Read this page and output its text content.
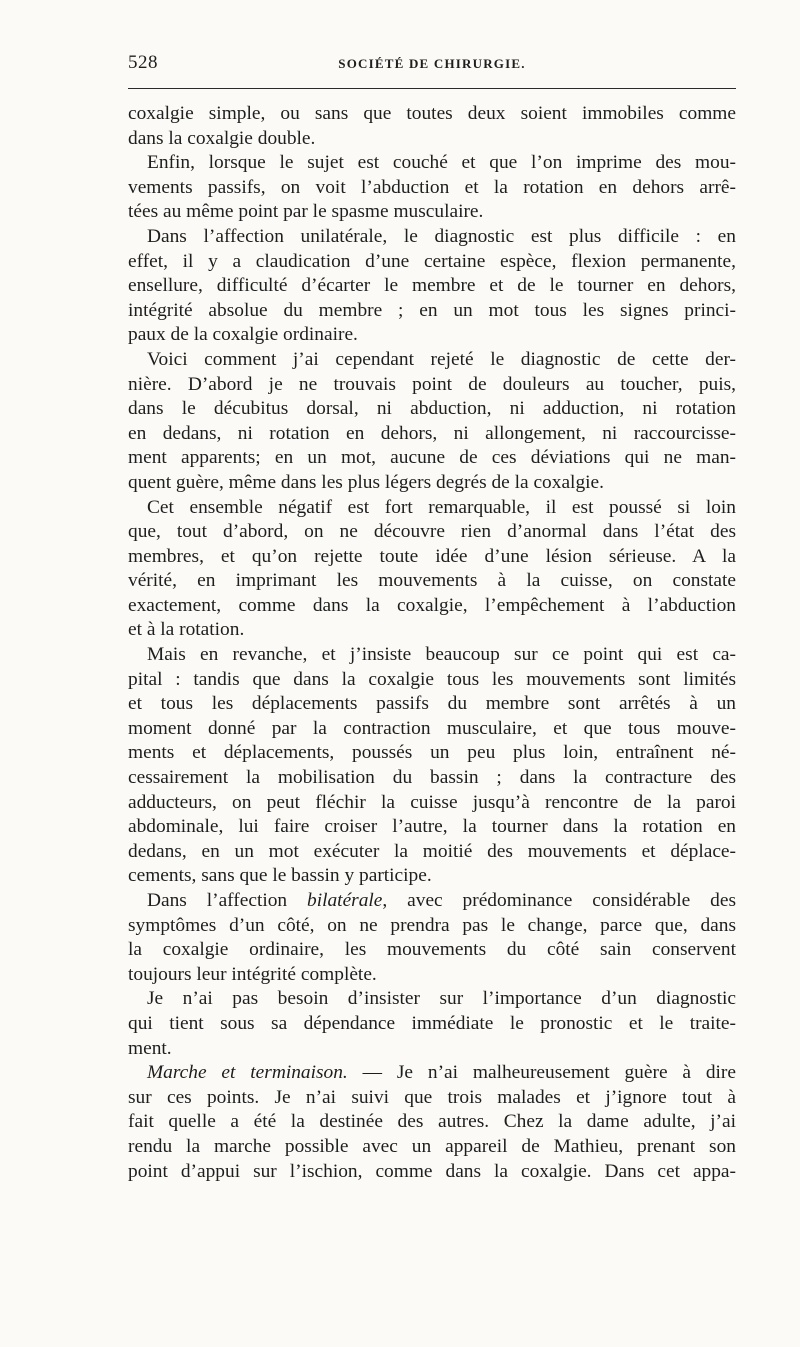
528	SOCIÉTÉ DE CHIRURGIE.
coxalgie simple, ou sans que toutes deux soient immobiles comme
dans la coxalgie double.
Enfin, lorsque le sujet est couché et que l’on imprime des mou-
vements passifs, on voit l’abduction et la rotation en dehors arrê-
tées au même point par le spasme musculaire.
Dans l’affection unilatérale, le diagnostic est plus difficile : en
effet, il y a claudication d’une certaine espèce, flexion permanente,
ensellure, difficulté d’écarter le membre et de le tourner en dehors,
intégrité absolue du membre ; en un mot tous les signes princi-
paux de la coxalgie ordinaire.
Voici comment j’ai cependant rejeté le diagnostic de cette der-
nière. D’abord je ne trouvais point de douleurs au toucher, puis,
dans le décubitus dorsal, ni abduction, ni adduction, ni rotation
en dedans, ni rotation en dehors, ni allongement, ni raccourcisse-
ment apparents; en un mot, aucune de ces déviations qui ne man-
quent guère, même dans les plus légers degrés de la coxalgie.
Cet ensemble négatif est fort remarquable, il est poussé si loin
que, tout d’abord, on ne découvre rien d’anormal dans l’état des
membres, et qu’on rejette toute idée d’une lésion sérieuse. A la
vérité, en imprimant les mouvements à la cuisse, on constate
exactement, comme dans la coxalgie, l’empêchement à l’abduction
et à la rotation.
Mais en revanche, et j’insiste beaucoup sur ce point qui est ca-
pital : tandis que dans la coxalgie tous les mouvements sont limités
et tous les déplacements passifs du membre sont arrêtés à un
moment donné par la contraction musculaire, et que tous mouve-
ments et déplacements, poussés un peu plus loin, entraînent né-
cessairement la mobilisation du bassin ; dans la contracture des
adducteurs, on peut fléchir la cuisse jusqu’à rencontre de la paroi
abdominale, lui faire croiser l’autre, la tourner dans la rotation en
dedans, en un mot exécuter la moitié des mouvements et déplace-
cements, sans que le bassin y participe.
Dans l’affection bilatérale, avec prédominance considérable des
symptômes d’un côté, on ne prendra pas le change, parce que, dans
la coxalgie ordinaire, les mouvements du côté sain conservent
toujours leur intégrité complète.
Je n’ai pas besoin d’insister sur l’importance d’un diagnostic
qui tient sous sa dépendance immédiate le pronostic et le traite-
ment.
Marche et terminaison. — Je n’ai malheureusement guère à dire
sur ces points. Je n’ai suivi que trois malades et j’ignore tout à
fait quelle a été la destinée des autres. Chez la dame adulte, j’ai
rendu la marche possible avec un appareil de Mathieu, prenant son
point d’appui sur l’ischion, comme dans la coxalgie. Dans cet appa-
